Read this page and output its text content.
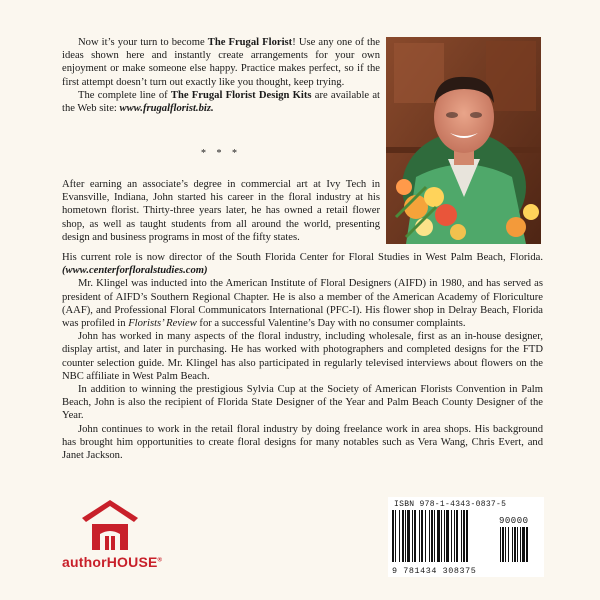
Now it’s your turn to become The Frugal Florist! Use any one of the ideas shown here and instantly create arrangements for your own enjoyment or make someone else happy. Practice makes perfect, so if the first attempt doesn’t turn out exactly like you thought, keep trying.

The complete line of The Frugal Florist Design Kits are available at the Web site: www.frugalflorist.biz.

* * *

After earning an associate’s degree in commercial art at Ivy Tech in Evansville, Indiana, John started his career in the floral industry at his hometown florist. Thirty-three years later, he has owned a retail flower shop, as well as taught students from all around the world, presenting design and business programs in most of the fifty states.

His current role is now director of the South Florida Center for Floral Studies in West Palm Beach, Florida. (www.centerforfloralstudies.com)

Mr. Klingel was inducted into the American Institute of Floral Designers (AIFD) in 1980, and has served as president of AIFD’s Southern Regional Chapter. He is also a member of the American Academy of Floriculture (AAF), and Professional Floral Communicators International (PFC-I). His flower shop in Delray Beach, Florida was profiled in Florists’ Review for a successful Valentine’s Day with no consumer complaints.

John has worked in many aspects of the floral industry, including wholesale, first as an in-house designer, display artist, and later in purchasing. He has worked with photographers and completed designs for the FTD counter selection guide. Mr. Klingel has also participated in regularly televised interviews about flowers on the NBC affiliate in West Palm Beach.

In addition to winning the prestigious Sylvia Cup at the Society of American Florists Convention in Palm Beach, John is also the recipient of Florida State Designer of the Year and Palm Beach County Designer of the Year.

John continues to work in the retail floral industry by doing freelance work in area shops. His background has brought him opportunities to create floral designs for many notables such as Vera Wang, Chris Evert, and Janet Jackson.

authorHOUSE®
ISBN 978-1-4343-0837-5
90000
9 781434 308375
